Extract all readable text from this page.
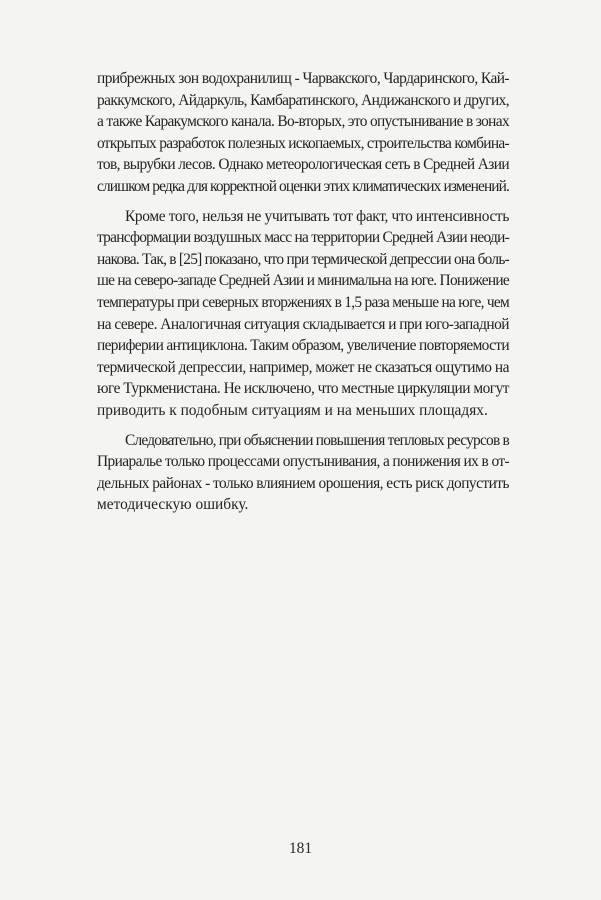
прибрежных зон водохранилищ - Чарвакского, Чардаринского, Кай-
раккумского, Айдаркуль, Камбаратинского, Андижанского и других,
а также Каракумского канала. Во-вторых, это опустынивание в зонах
открытых разработок полезных ископаемых, строительства комбина-
тов, вырубки лесов. Однако метеорологическая сеть в Средней Азии
слишком редка для корректной оценки этих климатических изменений.

Кроме того, нельзя не учитывать тот факт, что интенсивность
трансформации воздушных масс на территории Средней Азии неоди-
накова. Так, в [25] показано, что при термической депрессии она боль-
ше на северо-западе Средней Азии и минимальна на юге. Понижение
температуры при северных вторжениях в 1,5 раза меньше на юге, чем
на севере. Аналогичная ситуация складывается и при юго-западной
периферии антициклона. Таким образом, увеличение повторяемости
термической депрессии, например, может не сказаться ощутимо на
юге Туркменистана. Не исключено, что местные циркуляции могут
приводить к подобным ситуациям и на меньших площадях.

Следовательно, при объяснении повышения тепловых ресурсов в
Приаралье только процессами опустынивания, а понижения их в от-
дельных районах - только влиянием орошения, есть риск допустить
методическую ошибку.

181
